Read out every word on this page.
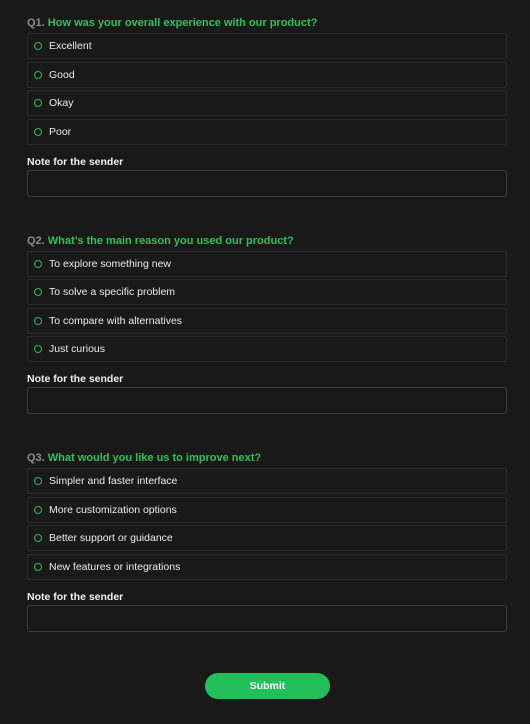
Q1. How was your overall experience with our product?
Excellent
Good
Okay
Poor
Note for the sender
Q2. What’s the main reason you used our product?
To explore something new
To solve a specific problem
To compare with alternatives
Just curious
Note for the sender
Q3. What would you like us to improve next?
Simpler and faster interface
More customization options
Better support or guidance
New features or integrations
Note for the sender
Submit
